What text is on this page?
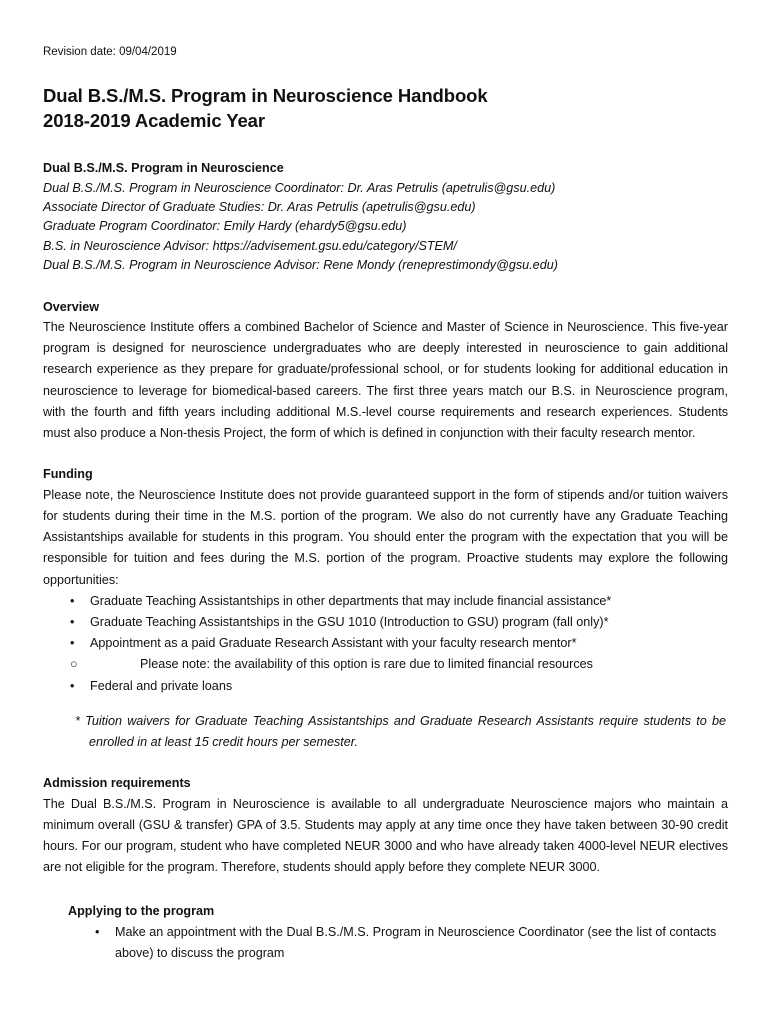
Revision date: 09/04/2019

Dual B.S./M.S. Program in Neuroscience Handbook
2018-2019 Academic Year

Dual B.S./M.S. Program in Neuroscience

Dual B.S./M.S. Program in Neuroscience Coordinator: Dr. Aras Petrulis (apetrulis@gsu.edu)

Associate Director of Graduate Studies: Dr. Aras Petrulis (apetrulis@gsu.edu)

Graduate Program Coordinator: Emily Hardy (ehardy5@gsu.edu)

B.S. in Neuroscience Advisor: https://advisement.gsu.edu/category/STEM/

Dual B.S./M.S. Program in Neuroscience Advisor: Rene Mondy (reneprestimondy@gsu.edu)

Overview

The Neuroscience Institute offers a combined Bachelor of Science and Master of Science in Neuroscience. This five-year program is designed for neuroscience undergraduates who are deeply interested in neuroscience to gain additional research experience as they prepare for graduate/professional school, or for students looking for additional education in neuroscience to leverage for biomedical-based careers. The first three years match our B.S. in Neuroscience program, with the fourth and fifth years including additional M.S.-level course requirements and research experiences. Students must also produce a Non-thesis Project, the form of which is defined in conjunction with their faculty research mentor.

Funding

Please note, the Neuroscience Institute does not provide guaranteed support in the form of stipends and/or tuition waivers for students during their time in the M.S. portion of the program. We also do not currently have any Graduate Teaching Assistantships available for students in this program. You should enter the program with the expectation that you will be responsible for tuition and fees during the M.S. portion of the program. Proactive students may explore the following opportunities:

• Graduate Teaching Assistantships in other departments that may include financial assistance*
• Graduate Teaching Assistantships in the GSU 1010 (Introduction to GSU) program (fall only)*
• Appointment as a paid Graduate Research Assistant with your faculty research mentor*
○	Please note: the availability of this option is rare due to limited financial resources
• Federal and private loans

* Tuition waivers for Graduate Teaching Assistantships and Graduate Research Assistants require students to be enrolled in at least 15 credit hours per semester.

Admission requirements

The Dual B.S./M.S. Program in Neuroscience is available to all undergraduate Neuroscience majors who maintain a minimum overall (GSU & transfer) GPA of 3.5. Students may apply at any time once they have taken between 30-90 credit hours. For our program, student who have completed NEUR 3000 and who have already taken 4000-level NEUR electives are not eligible for the program. Therefore, students should apply before they complete NEUR 3000.

Applying to the program

• Make an appointment with the Dual B.S./M.S. Program in Neuroscience Coordinator (see the list of contacts above) to discuss the program
